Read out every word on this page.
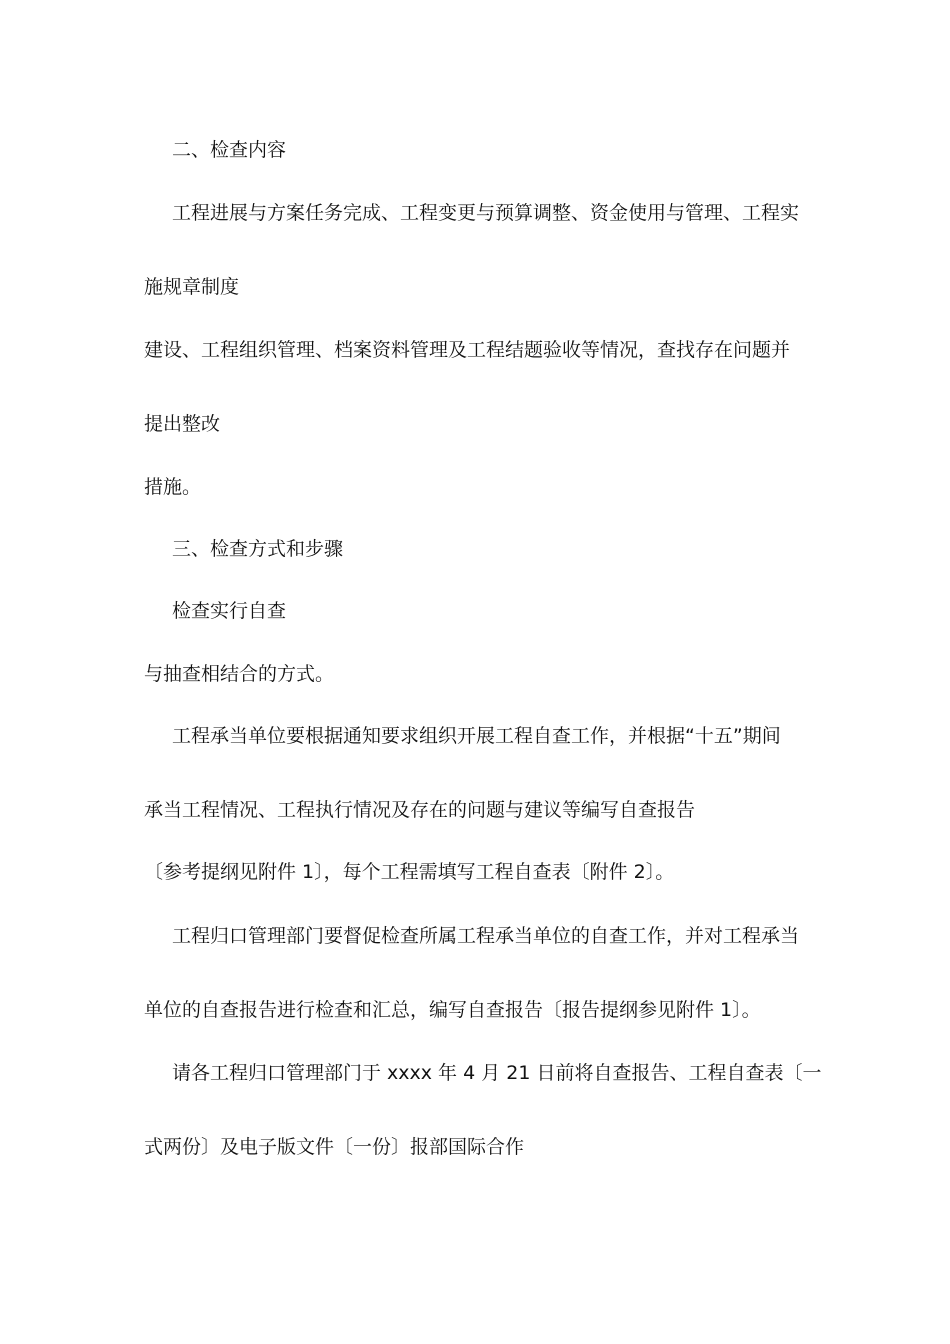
二、检查内容
工程进展与方案任务完成、工程变更与预算调整、资金使用与管理、工程实
施规章制度
建设、工程组织管理、档案资料管理及工程结题验收等情况，查找存在问题并
提出整改
措施。
三、检查方式和步骤
检查实行自查
与抽查相结合的方式。
工程承当单位要根据通知要求组织开展工程自查工作，并根据“十五”期间
承当工程情况、工程执行情况及存在的问题与建议等编写自查报告
〔参考提纲见附件 1〕，每个工程需填写工程自查表〔附件 2〕。
工程归口管理部门要督促检查所属工程承当单位的自查工作，并对工程承当
单位的自查报告进行检查和汇总，编写自查报告〔报告提纲参见附件 1〕。
请各工程归口管理部门于 xxxx 年 4 月 21 日前将自查报告、工程自查表〔一
式两份〕及电子版文件〔一份〕报部国际合作
